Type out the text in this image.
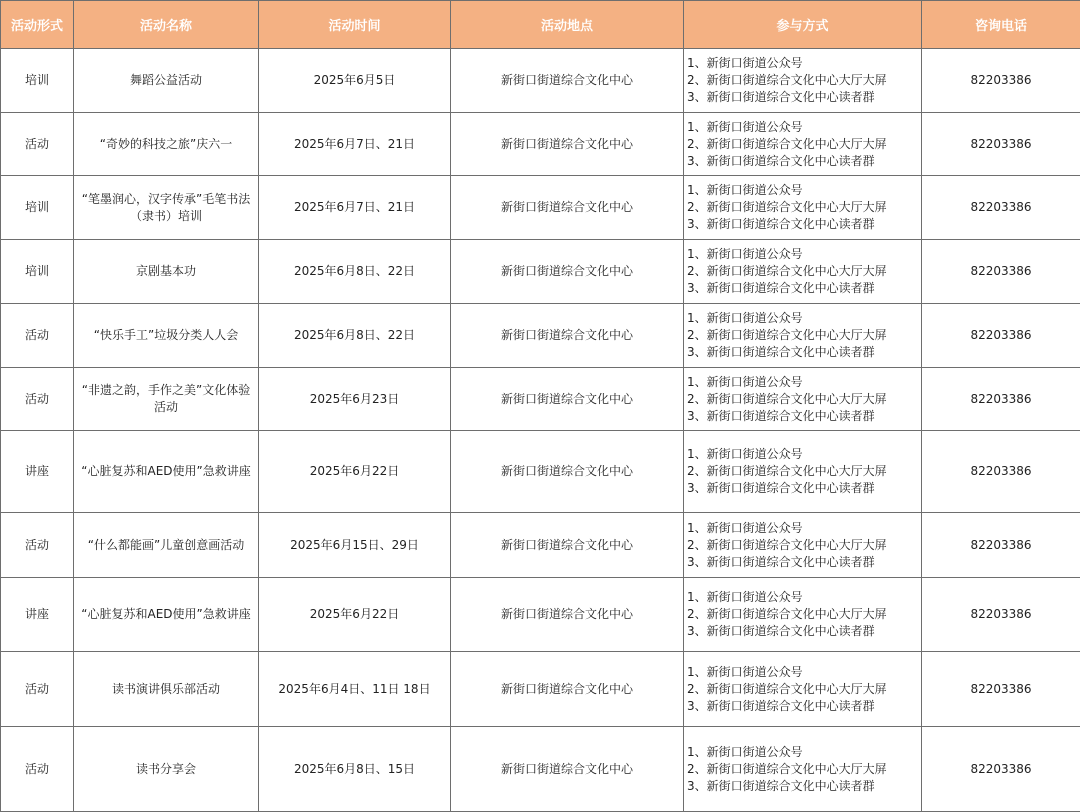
活动形式	活动名称	活动时间	活动地点	参与方式	咨询电话
培训	舞蹈公益活动	2025年6月5日	新街口街道综合文化中心	1、新街口街道公众号
2、新街口街道综合文化中心大厅大屏
3、新街口街道综合文化中心读者群	82203386
活动	“奇妙的科技之旅”庆六一	2025年6月7日、21日	新街口街道综合文化中心	1、新街口街道公众号
2、新街口街道综合文化中心大厅大屏
3、新街口街道综合文化中心读者群	82203386
培训	“笔墨润心，汉字传承”毛笔书法（隶书）培训	2025年6月7日、21日	新街口街道综合文化中心	1、新街口街道公众号
2、新街口街道综合文化中心大厅大屏
3、新街口街道综合文化中心读者群	82203386
培训	京剧基本功	2025年6月8日、22日	新街口街道综合文化中心	1、新街口街道公众号
2、新街口街道综合文化中心大厅大屏
3、新街口街道综合文化中心读者群	82203386
活动	“快乐手工”垃圾分类人人会	2025年6月8日、22日	新街口街道综合文化中心	1、新街口街道公众号
2、新街口街道综合文化中心大厅大屏
3、新街口街道综合文化中心读者群	82203386
活动	“非遗之韵，手作之美”文化体验活动	2025年6月23日	新街口街道综合文化中心	1、新街口街道公众号
2、新街口街道综合文化中心大厅大屏
3、新街口街道综合文化中心读者群	82203386
讲座	“心脏复苏和AED使用”急救讲座	2025年6月22日	新街口街道综合文化中心	1、新街口街道公众号
2、新街口街道综合文化中心大厅大屏
3、新街口街道综合文化中心读者群	82203386
活动	“什么都能画”儿童创意画活动	2025年6月15日、29日	新街口街道综合文化中心	1、新街口街道公众号
2、新街口街道综合文化中心大厅大屏
3、新街口街道综合文化中心读者群	82203386
讲座	“心脏复苏和AED使用”急救讲座	2025年6月22日	新街口街道综合文化中心	1、新街口街道公众号
2、新街口街道综合文化中心大厅大屏
3、新街口街道综合文化中心读者群	82203386
活动	读书演讲俱乐部活动	2025年6月4日、11日 18日	新街口街道综合文化中心	1、新街口街道公众号
2、新街口街道综合文化中心大厅大屏
3、新街口街道综合文化中心读者群	82203386
活动	读书分享会	2025年6月8日、15日	新街口街道综合文化中心	1、新街口街道公众号
2、新街口街道综合文化中心大厅大屏
3、新街口街道综合文化中心读者群	82203386
